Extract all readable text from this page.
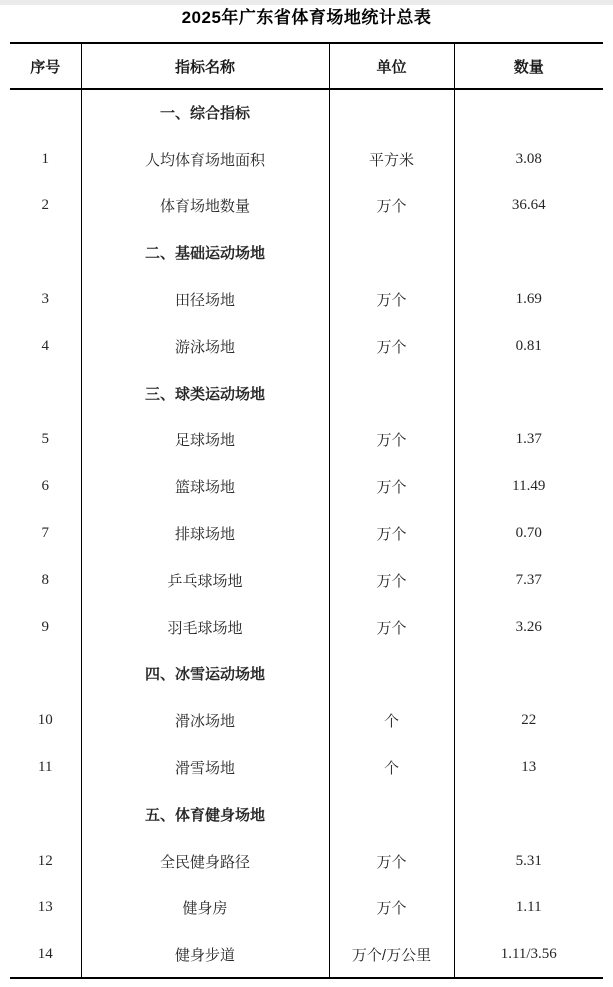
2025年广东省体育场地统计总表
序号	指标名称	单位	数量
	一、综合指标		
1	人均体育场地面积	平方米	3.08
2	体育场地数量	万个	36.64
	二、基础运动场地		
3	田径场地	万个	1.69
4	游泳场地	万个	0.81
	三、球类运动场地		
5	足球场地	万个	1.37
6	篮球场地	万个	11.49
7	排球场地	万个	0.70
8	乒乓球场地	万个	7.37
9	羽毛球场地	万个	3.26
	四、冰雪运动场地		
10	滑冰场地	个	22
11	滑雪场地	个	13
	五、体育健身场地		
12	全民健身路径	万个	5.31
13	健身房	万个	1.11
14	健身步道	万个/万公里	1.11/3.56
